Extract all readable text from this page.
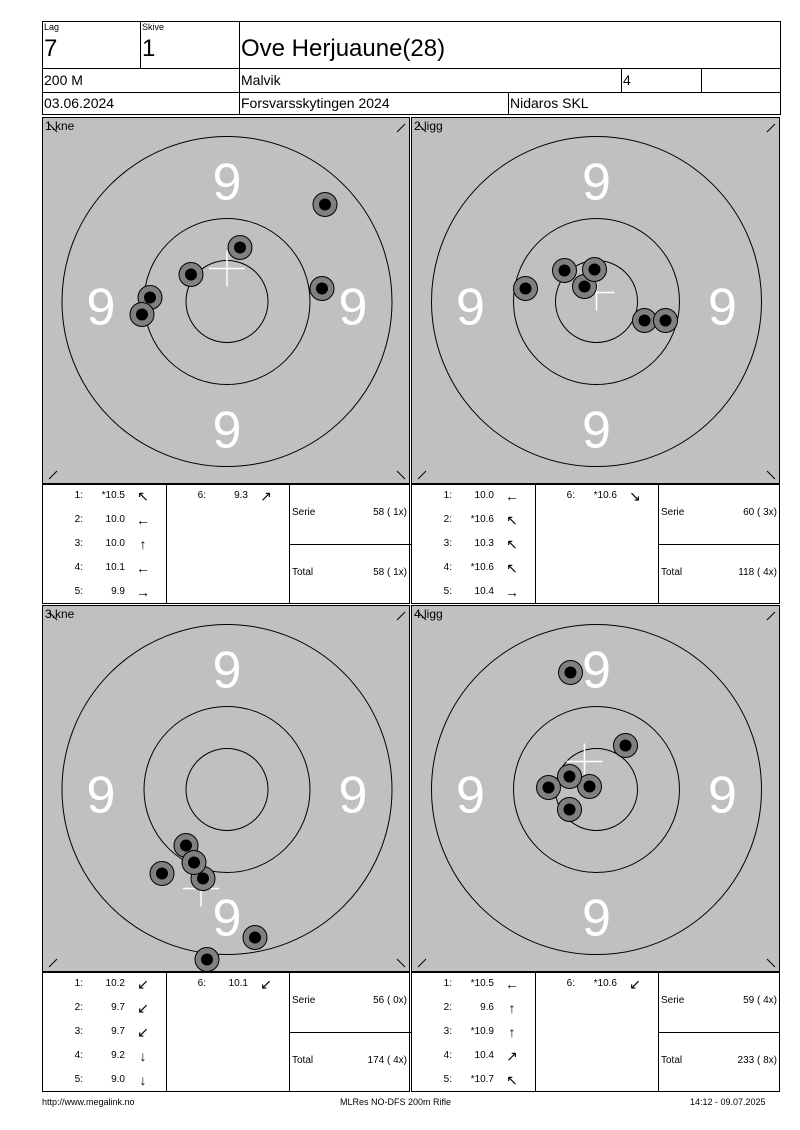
Lag
7
Skive
1	Ove Herjuaune(28)
200 M	Malvik	4
03.06.2024	Forsvarsskytingen 2024	Nidaros SKL
1.kne
9
9	9
9
1:	*10.5 ↖
2:	10.0 ←
3:	10.0	↑
4:	10.1 ←
5:	9.9 →
6:	9.3 ↗
Serie	58 ( 1x)
Total	58 ( 1x)
2.ligg
9
9	9
9
1:	10.0 ←
2:	*10.6 ↖
3:	10.3 ↖
4:	*10.6 ↖
5:	10.4 →
6:	*10.6 ↘
Serie	60 ( 3x)
Total	118 ( 4x)
3.kne
9
9	9
9
1:	10.2 ↙
2:	9.7 ↙
3:	9.7 ↙
4:	9.2	↓
5:	9.0	↓
6:	10.1 ↙
Serie	56 ( 0x)
Total	174 ( 4x)
4.ligg
9
9	9
9
1:	*10.5 ←
2:	9.6	↑
3:	*10.9	↑
4:	10.4 ↗
5:	*10.7 ↖
6:	*10.6 ↙
Serie	59 ( 4x)
Total	233 ( 8x)
http://www.megalink.no	MLRes NO-DFS 200m Rifle	14:12 - 09.07.2025
